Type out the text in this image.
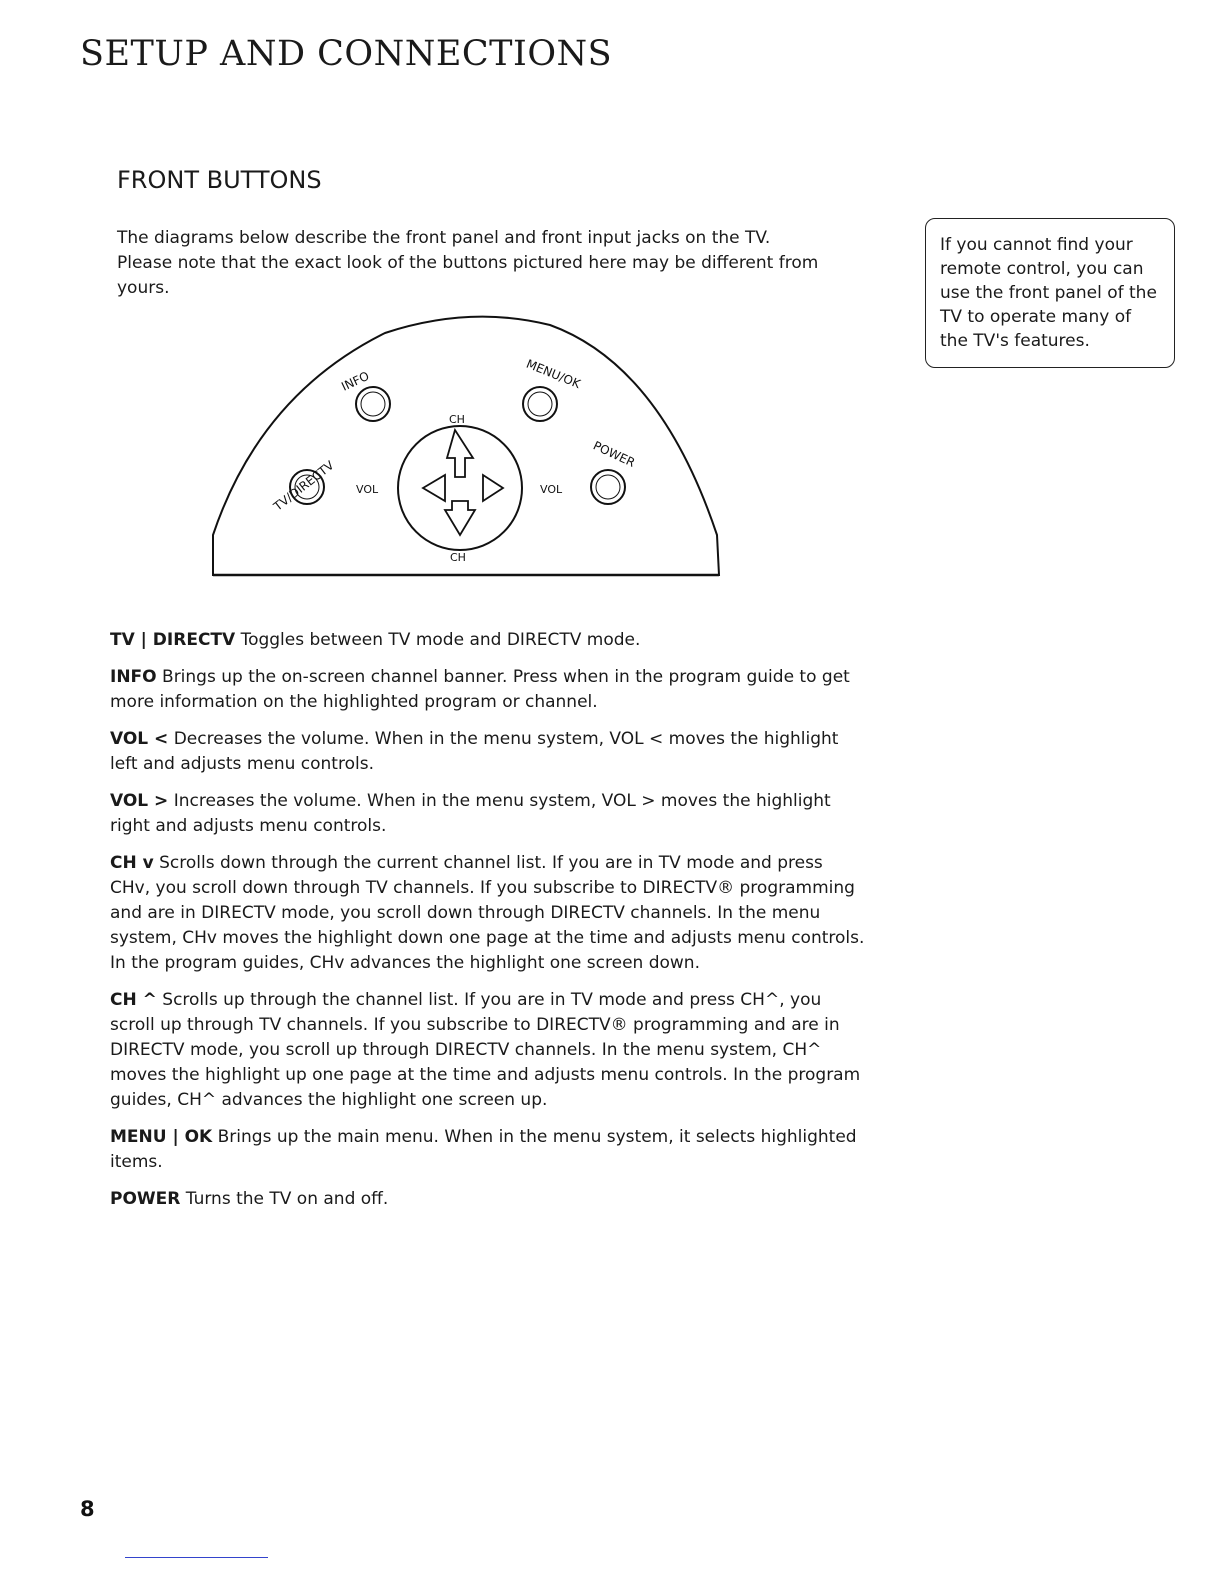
SETUP AND CONNECTIONS
FRONT BUTTONS

The diagrams below describe the front panel and front input jacks on the TV.
Please note that the exact look of the buttons pictured here may be different from
yours.

If you cannot find your

remote control, you can

use the front panel of the

TV to operate many of

the TV's features.

INFO	MENU/OK
TV/DIRECTV
POWER
CH
CH
VOL	VOL

TV | DIRECTV Toggles between TV mode and DIRECTV mode.

INFO Brings up the on-screen channel banner. Press when in the program guide to get
more information on the highlighted program or channel.

VOL < Decreases the volume. When in the menu system, VOL < moves the highlight
left and adjusts menu controls.

VOL > Increases the volume. When in the menu system, VOL > moves the highlight
right and adjusts menu controls.

CH v Scrolls down through the current channel list. If you are in TV mode and press
CHv, you scroll down through TV channels. If you subscribe to DIRECTV® programming
and are in DIRECTV mode, you scroll down through DIRECTV channels. In the menu
system, CHv moves the highlight down one page at the time and adjusts menu controls.
In the program guides, CHv advances the highlight one screen down.

CH ^ Scrolls up through the channel list. If you are in TV mode and press CH^, you
scroll up through TV channels. If you subscribe to DIRECTV® programming and are in
DIRECTV mode, you scroll up through DIRECTV channels. In the menu system, CH^
moves the highlight up one page at the time and adjusts menu controls. In the program
guides, CH^ advances the highlight one screen up.

MENU | OK Brings up the main menu. When in the menu system, it selects highlighted
items.

POWER Turns the TV on and off.

8
